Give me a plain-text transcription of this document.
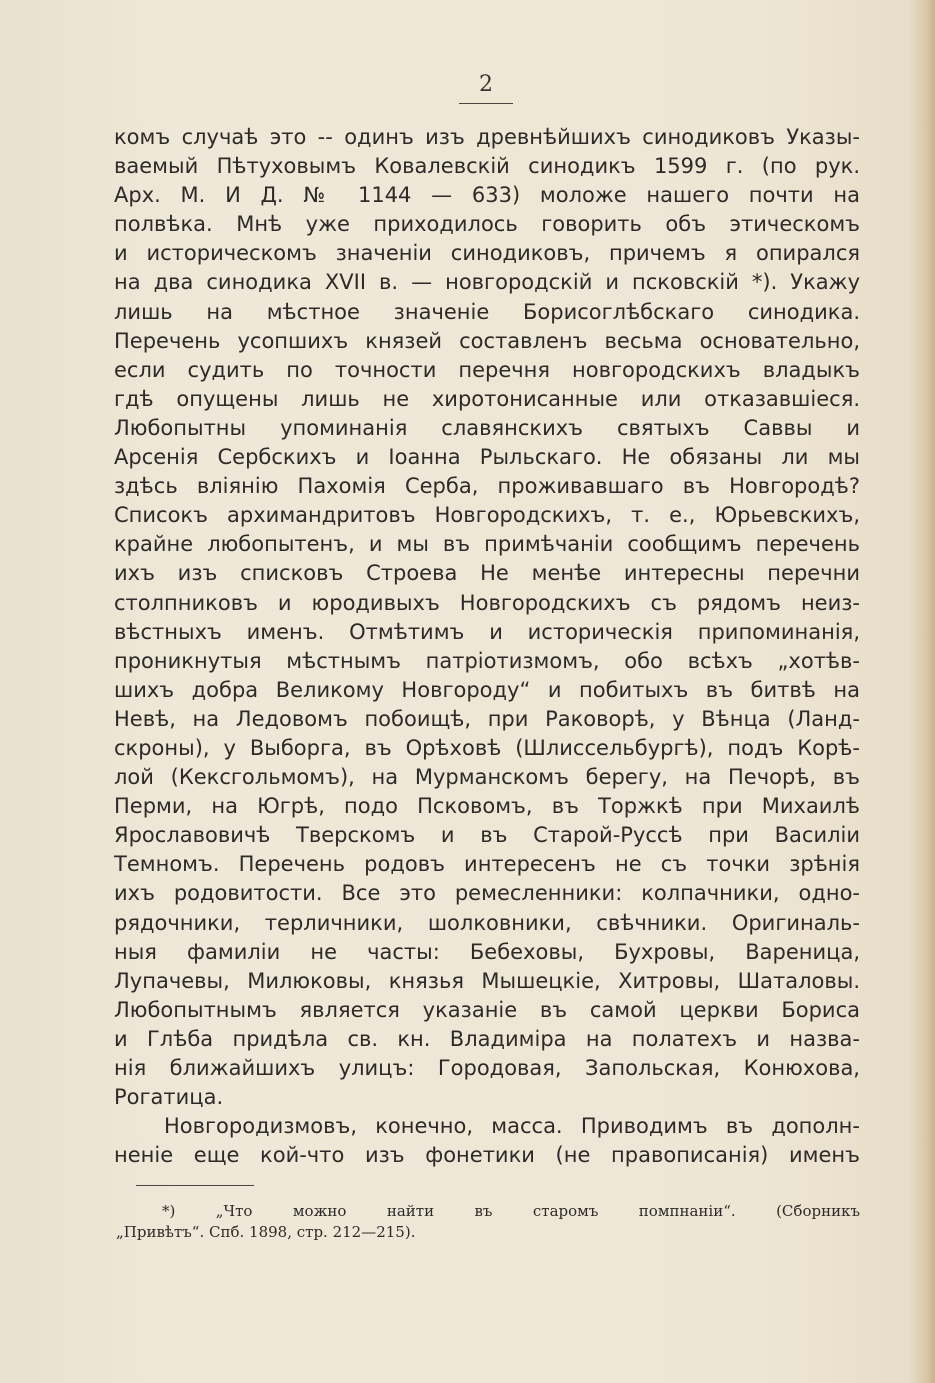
2
комъ случаѣ это -- одинъ изъ древнѣйшихъ синодиковъ Указы-
ваемый Пѣтуховымъ Ковалевскій синодикъ 1599 г. (по рук.
Арх. М. И Д. № 1144 — 633) моложе нашего почти на
полвѣка. Мнѣ уже приходилось говорить объ этическомъ
и историческомъ значеніи синодиковъ, причемъ я опирался
на два синодика XVII в. — новгородскій и псковскій *). Укажу
лишь на мѣстное значеніе Борисоглѣбскаго синодика.
Перечень усопшихъ князей составленъ весьма основательно,
если судить по точности перечня новгородскихъ владыкъ
гдѣ опущены лишь не хиротонисанные или отказавшіеся.
Любопытны упоминанія славянскихъ святыхъ Саввы и
Арсенія Сербскихъ и Іоанна Рыльскаго. Не обязаны ли мы
здѣсь вліянію Пахомія Серба, проживавшаго въ Новгородѣ?
Списокъ архимандритовъ Новгородскихъ, т. е., Юрьевскихъ,
крайне любопытенъ, и мы въ примѣчаніи сообщимъ перечень
ихъ изъ списковъ Строева Не менѣе интересны перечни
столпниковъ и юродивыхъ Новгородскихъ съ рядомъ неиз-
вѣстныхъ именъ. Отмѣтимъ и историческія припоминанія,
проникнутыя мѣстнымъ патріотизмомъ, обо всѣхъ „хотѣв-
шихъ добра Великому Новгороду“ и побитыхъ въ битвѣ на
Невѣ, на Ледовомъ побоищѣ, при Раковорѣ, у Вѣнца (Ланд-
скроны), у Выборга, въ Орѣховѣ (Шлиссельбургѣ), подъ Корѣ-
лой (Кексгольмомъ), на Мурманскомъ берегу, на Печорѣ, въ
Перми, на Югрѣ, подо Псковомъ, въ Торжкѣ при Михаилѣ
Ярославовичѣ Тверскомъ и въ Старой-Руссѣ при Василіи
Темномъ. Перечень родовъ интересенъ не съ точки зрѣнія
ихъ родовитости. Все это ремесленники: колпачники, одно-
рядочники, терличники, шолковники, свѣчники. Оригиналь-
ныя фамиліи не часты: Бебеховы, Бухровы, Вареница,
Лупачевы, Милюковы, князья Мышецкіе, Хитровы, Шаталовы.
Любопытнымъ является указаніе въ самой церкви Бориса
и Глѣба придѣла св. кн. Владиміра на полатехъ и назва-
нія ближайшихъ улицъ: Городовая, Запольская, Конюхова,
Рогатица.
Новгородизмовъ, конечно, масса. Приводимъ въ дополн-
неніе еще кой-что изъ фонетики (не правописанія) именъ
*) „Что можно найти въ старомъ помпнаніи“. (Сборникъ
„Привѣтъ“. Спб. 1898, стр. 212—215).
